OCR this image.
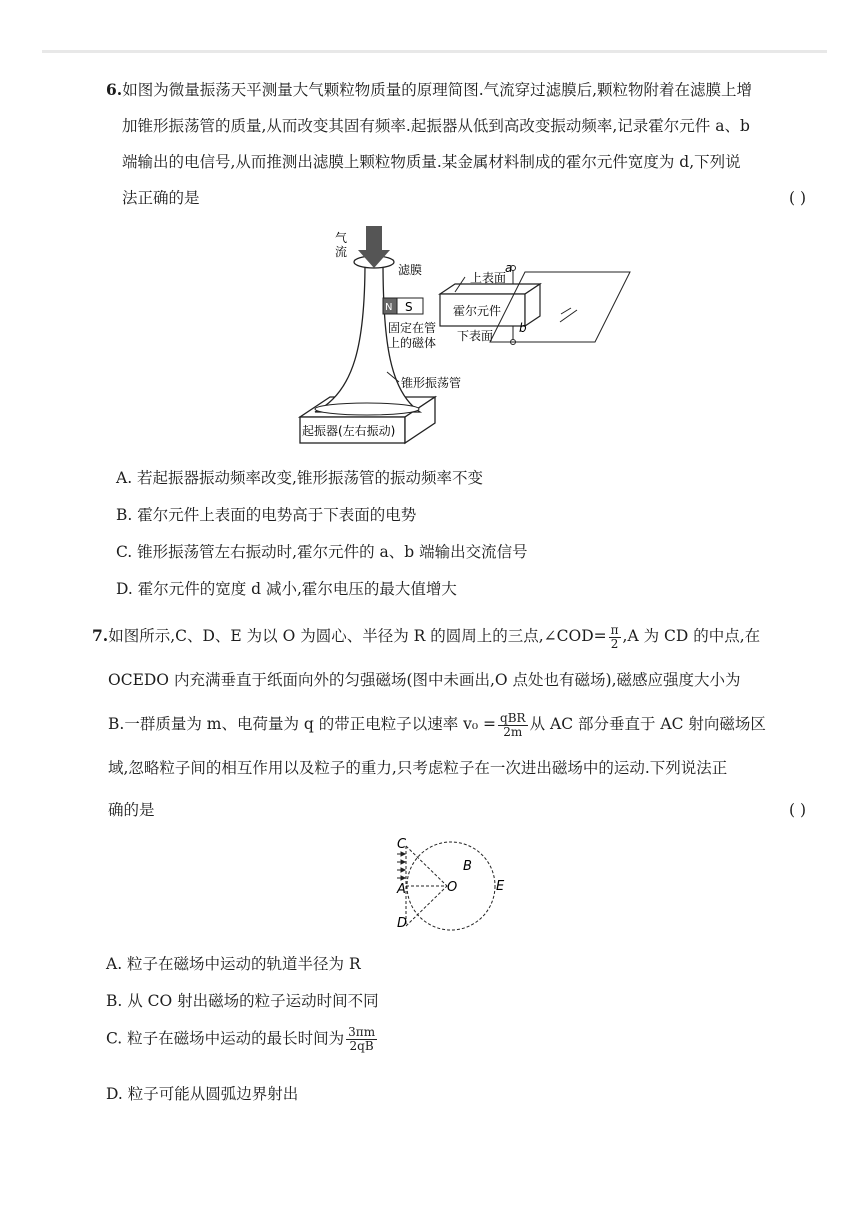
6.如图为微量振荡天平测量大气颗粒物质量的原理简图.气流穿过滤膜后,颗粒物附着在滤膜上增
加锥形振荡管的质量,从而改变其固有频率.起振器从低到高改变振动频率,记录霍尔元件 a、b
端输出的电信号,从而推测出滤膜上颗粒物质量.某金属材料制成的霍尔元件宽度为 d,下列说
法正确的是	( )
起振器(左右振动)
气
流
滤膜
N S
固定在管
上的磁体
锥形振荡管
霍尔元件
上表面
下表面
a
b
A. 若起振器振动频率改变,锥形振荡管的振动频率不变
B. 霍尔元件上表面的电势高于下表面的电势
C. 锥形振荡管左右振动时,霍尔元件的 a、b 端输出交流信号
D. 霍尔元件的宽度 d 减小,霍尔电压的最大值增大
7.如图所示,C、D、E 为以 O 为圆心、半径为 R 的圆周上的三点,∠COD= $\frac{\pi}{2} ,A$ 为 CD 的中点,在
OCEDO 内充满垂直于纸面向外的匀强磁场(图中未画出,O 点处也有磁场),磁感应强度大小为
B.一群质量为 m、电荷量为 q 的带正电粒子以速率 $v_0 = \frac{\text{qBR}}{2m}$ 从 AC 部分垂直于 AC 射向磁场区
域,忽略粒子间的相互作用以及粒子的重力,只考虑粒子在一次进出磁场中的运动.下列说法正
确的是	( )
C
B
A	O	E
D
A. 粒子在磁场中运动的轨道半径为 R
B. 从 CO 射出磁场的粒子运动时间不同
C. 粒子在磁场中运动的最长时间为 $\frac{3\pi m}{2qB}$
D. 粒子可能从圆弧边界射出
